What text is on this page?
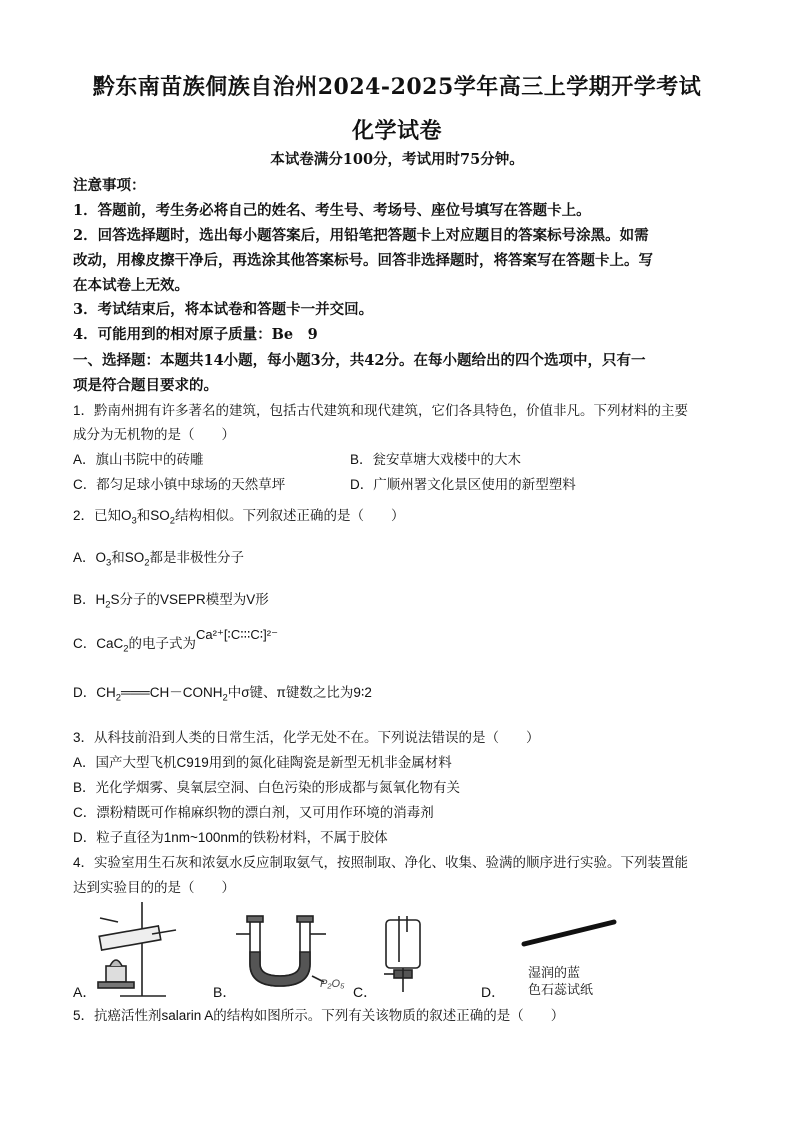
黔东南苗族侗族自治州2024-2025学年高三上学期开学考试
化学试卷
本试卷满分100分，考试用时75分钟。
注意事项：
1．答题前，考生务必将自己的姓名、考生号、考场号、座位号填写在答题卡上。
2．回答选择题时，选出每小题答案后，用铅笔把答题卡上对应题目的答案标号涂黑。如需
改动，用橡皮擦干净后，再选涂其他答案标号。回答非选择题时，将答案写在答题卡上。写
在本试卷上无效。
3．考试结束后，将本试卷和答题卡一并交回。
4．可能用到的相对原子质量：Be　9
一、选择题：本题共14小题，每小题3分，共42分。在每小题给出的四个选项中，只有一
项是符合题目要求的。
1．黔南州拥有许多著名的建筑，包括古代建筑和现代建筑，它们各具特色，价值非凡。下列材料的主要
成分为无机物的是（　　）
A．旗山书院中的砖雕	B．瓮安草塘大戏楼中的大木
C．都匀足球小镇中球场的天然草坪	D．广顺州署文化景区使用的新型塑料
2．已知$O_3$和$SO_2$结构相似。下列叙述正确的是（　　）
A．$O_3$和$SO_2$都是非极性分子
B．$H_2S$分子的VSEPR模型为V形
C．CaC$_2$的电子式为Ca²⁺[∶C∶∶∶C∶]²⁻
D．$CH_2═══CH-CONH_2$中σ键、π键数之比为9∶2
3．从科技前沿到人类的日常生活，化学无处不在。下列说法错误的是（　　）
A．国产大型飞机C919用到的氮化硅陶瓷是新型无机非金属材料
B．光化学烟雾、臭氧层空洞、白色污染的形成都与氮氧化物有关
C．漂粉精既可作棉麻织物的漂白剂，又可用作环境的消毒剂
D．粒子直径为1nm~100nm的铁粉材料，不属于胶体
4．实验室用生石灰和浓氨水反应制取氨气，按照制取、净化、收集、验满的顺序进行实验。下列装置能
达到实验目的的是（　　）
A．	B．	P₂O₅ C．	D．
湿润的蓝
色石蕊试纸
5．抗癌活性剂salarin A的结构如图所示。下列有关该物质的叙述正确的是（　　）
